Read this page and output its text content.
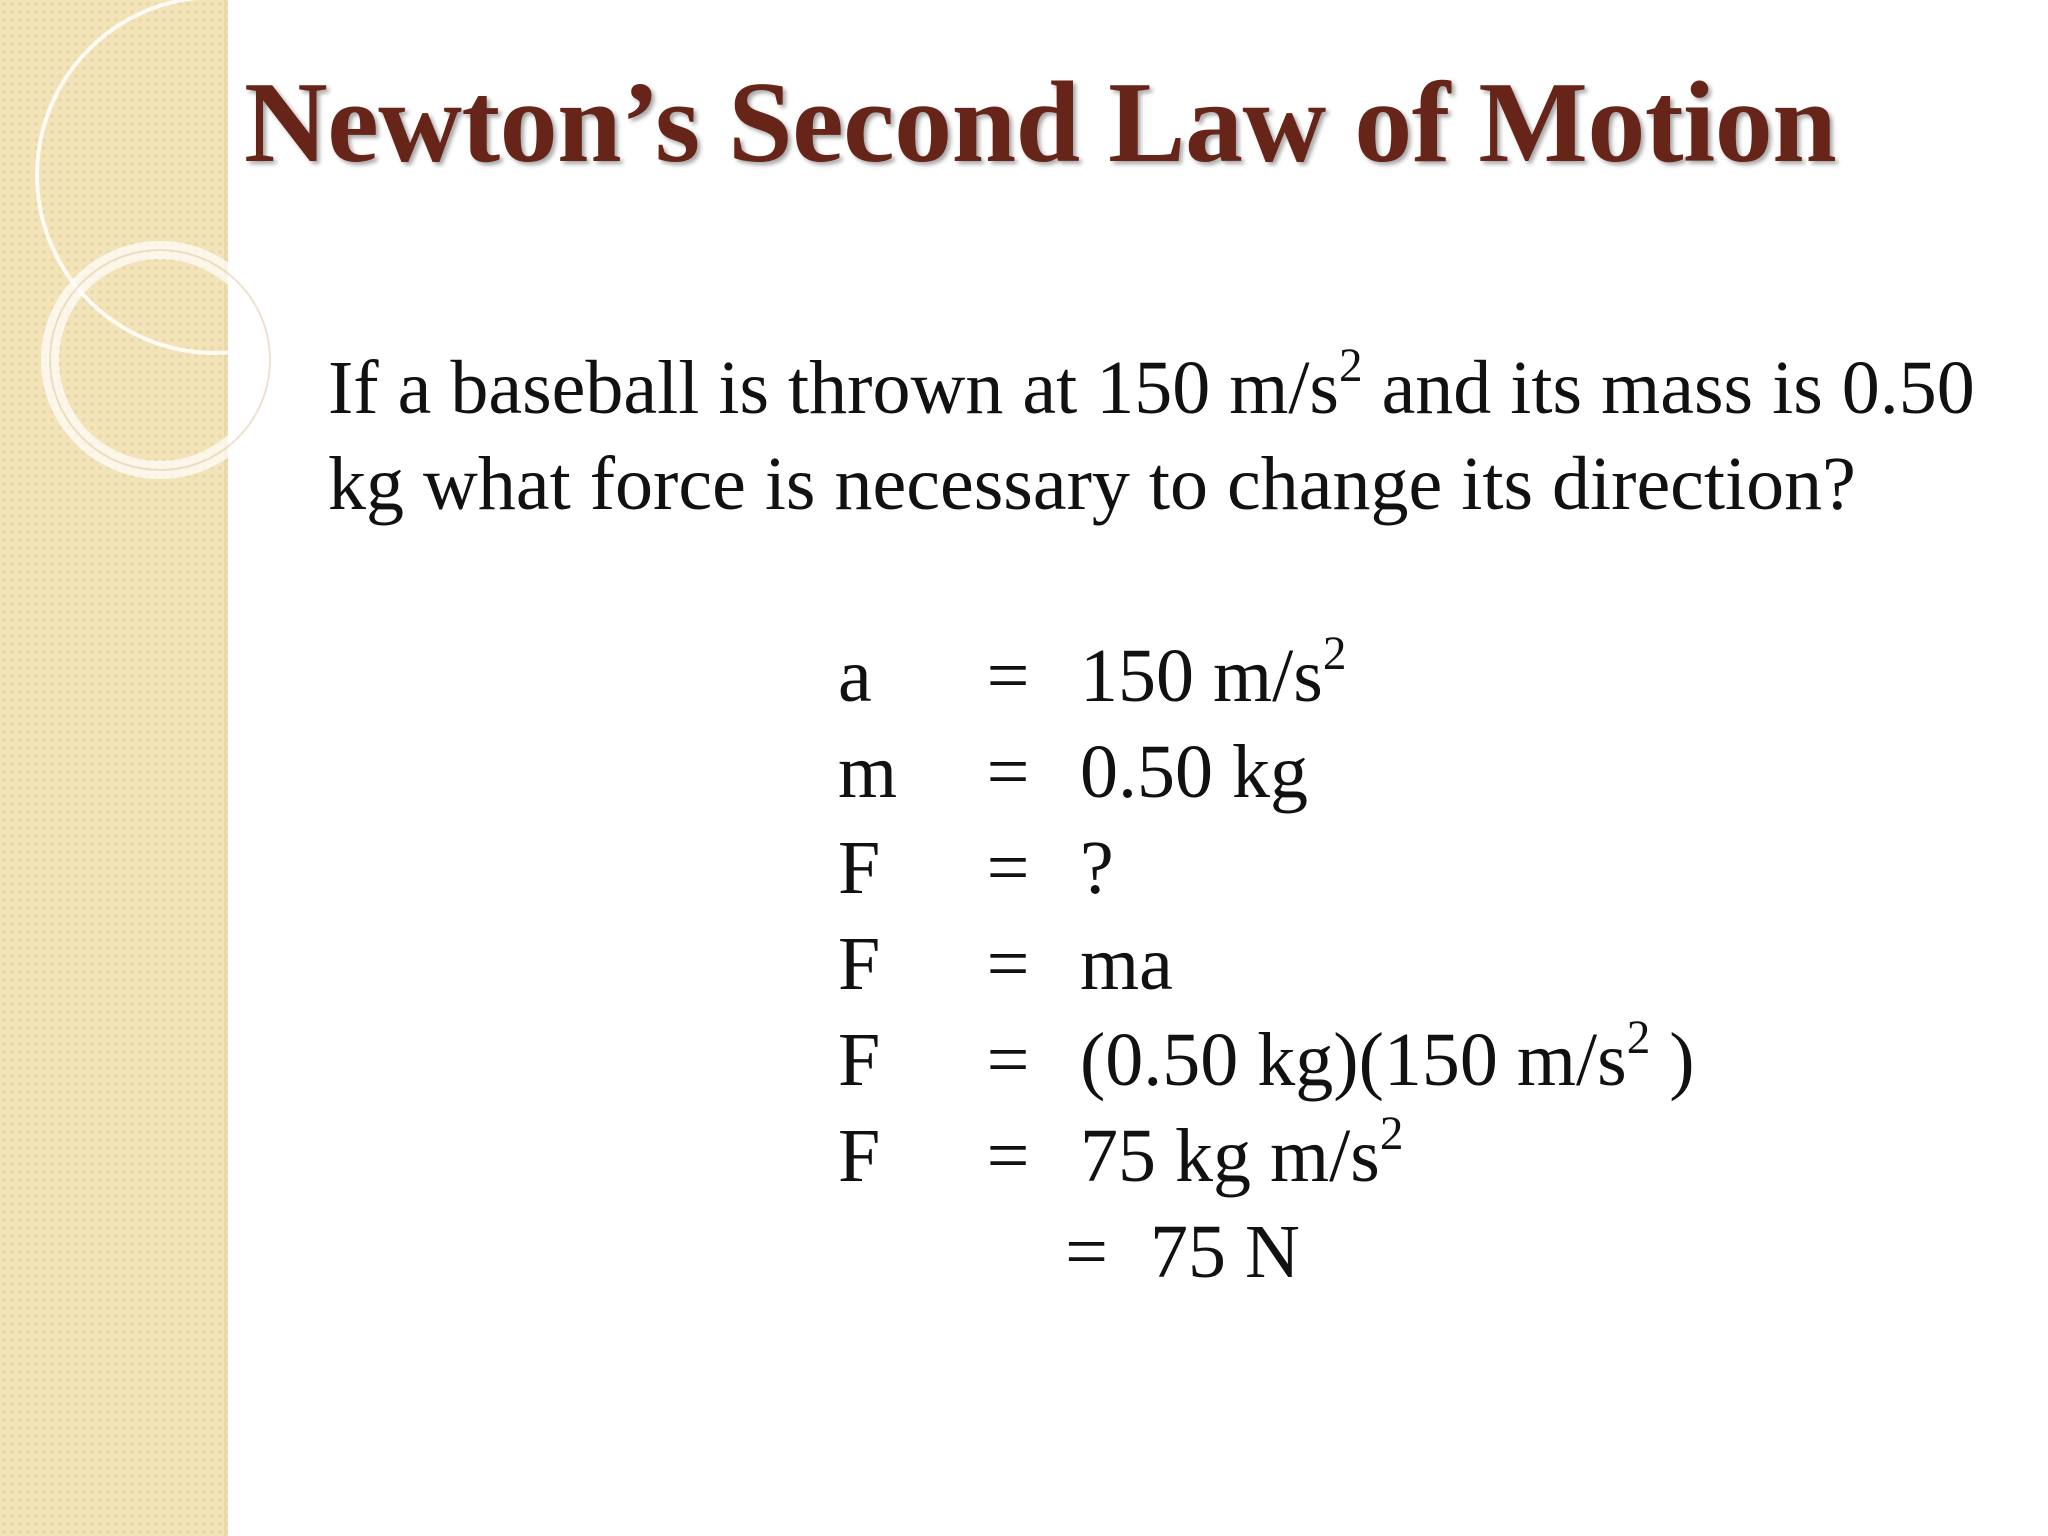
Newton’s Second Law of Motion

If a baseball is thrown at 150 $m/s^2$ and its mass is 0.50 kg what force is necessary to change its direction?

a	= 150 $m/s^2$
m	= 0.50 kg
F	= ?
F	= ma
F	= (0.50 kg)(150 $m/s^2$ )
F	= 75 kg $m/s^2$
= 75 N
